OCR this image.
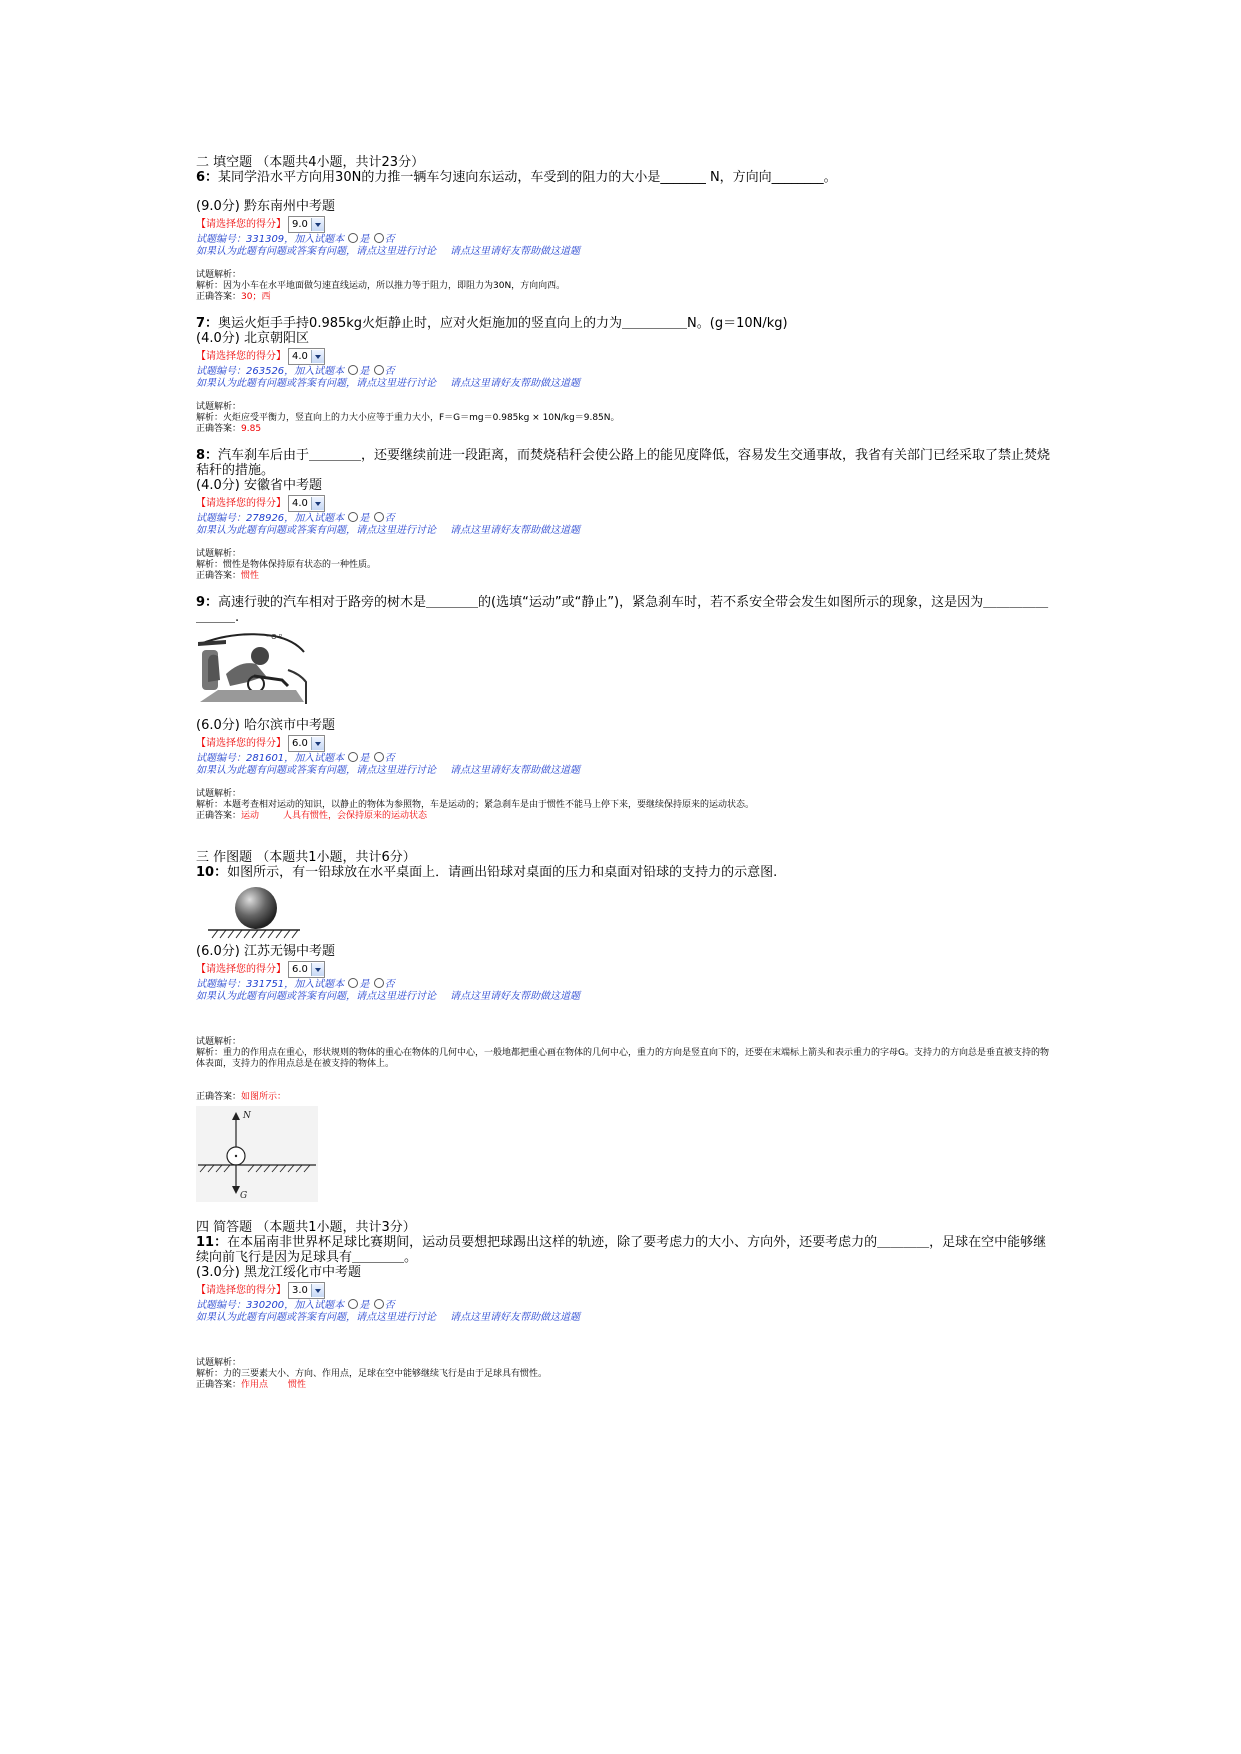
二 填空题 （本题共4小题，共计23分）

6：某同学沿水平方向用30N的力推一辆车匀速向东运动，车受到的阻力的大小是_______ N，方向向________。

(9.0分) 黔东南州中考题

【请选择您的得分】 9.0

试题编号：331309，加入试题本 是 否

如果认为此题有问题或答案有问题，请点这里进行讨论 请点这里请好友帮助做这道题

试题解析：
解析：因为小车在水平地面做匀速直线运动，所以推力等于阻力，即阻力为30N，方向向西。
正确答案：30；西

7：奥运火炬手手持0.985kg火炬静止时，应对火炬施加的竖直向上的力为＿＿＿＿＿N。(g＝10N/kg)

(4.0分) 北京朝阳区

【请选择您的得分】 4.0

试题编号：263526，加入试题本 是 否

如果认为此题有问题或答案有问题，请点这里进行讨论 请点这里请好友帮助做这道题

试题解析：
解析：火炬应受平衡力，竖直向上的力大小应等于重力大小，F＝G＝mg＝0.985kg × 10N/kg＝9.85N。
正确答案：9.85

8：汽车刹车后由于＿＿＿＿，还要继续前进一段距离，而焚烧秸秆会使公路上的能见度降低，容易发生交通事故，我省有关部门已经采取了禁止焚烧秸秆的措施。

(4.0分) 安徽省中考题

【请选择您的得分】 4.0

试题编号：278926，加入试题本 是 否

如果认为此题有问题或答案有问题，请点这里进行讨论 请点这里请好友帮助做这道题

试题解析：
解析：惯性是物体保持原有状态的一种性质。
正确答案：惯性

9：高速行驶的汽车相对于路旁的树木是＿＿＿＿的(选填“运动”或“静止”)，紧急刹车时，若不系安全带会发生如图所示的现象，这是因为＿＿＿＿＿＿＿＿.

ᵉ Ο ᴰ

(6.0分) 哈尔滨市中考题

【请选择您的得分】 6.0

试题编号：281601，加入试题本 是 否

如果认为此题有问题或答案有问题，请点这里进行讨论 请点这里请好友帮助做这道题

试题解析：
解析：本题考查相对运动的知识，以静止的物体为参照物，车是运动的；紧急刹车是由于惯性不能马上停下来，要继续保持原来的运动状态。
正确答案：运动	人具有惯性，会保持原来的运动状态

三 作图题 （本题共1小题，共计6分）

10：如图所示，有一铅球放在水平桌面上．请画出铅球对桌面的压力和桌面对铅球的支持力的示意图.

(6.0分) 江苏无锡中考题

【请选择您的得分】 6.0

试题编号：331751，加入试题本 是 否

如果认为此题有问题或答案有问题，请点这里进行讨论 请点这里请好友帮助做这道题

试题解析：
解析：重力的作用点在重心，形状规则的物体的重心在物体的几何中心，一般地都把重心画在物体的几何中心，重力的方向是竖直向下的，还要在末端标上箭头和表示重力的字母G。支持力的方向总是垂直被支持的物体表面，支持力的作用点总是在被支持的物体上。
正确答案：如图所示：
N
G

四 简答题 （本题共1小题，共计3分）

11：在本届南非世界杯足球比赛期间，运动员要想把球踢出这样的轨迹，除了要考虑力的大小、方向外，还要考虑力的＿＿＿＿，足球在空中能够继续向前飞行是因为足球具有＿＿＿＿。

(3.0分) 黑龙江绥化市中考题

【请选择您的得分】 3.0

试题编号：330200，加入试题本 是 否

如果认为此题有问题或答案有问题，请点这里进行讨论 请点这里请好友帮助做这道题

试题解析：
解析：力的三要素大小、方向、作用点，足球在空中能够继续飞行是由于足球具有惯性。
正确答案：作用点 惯性
